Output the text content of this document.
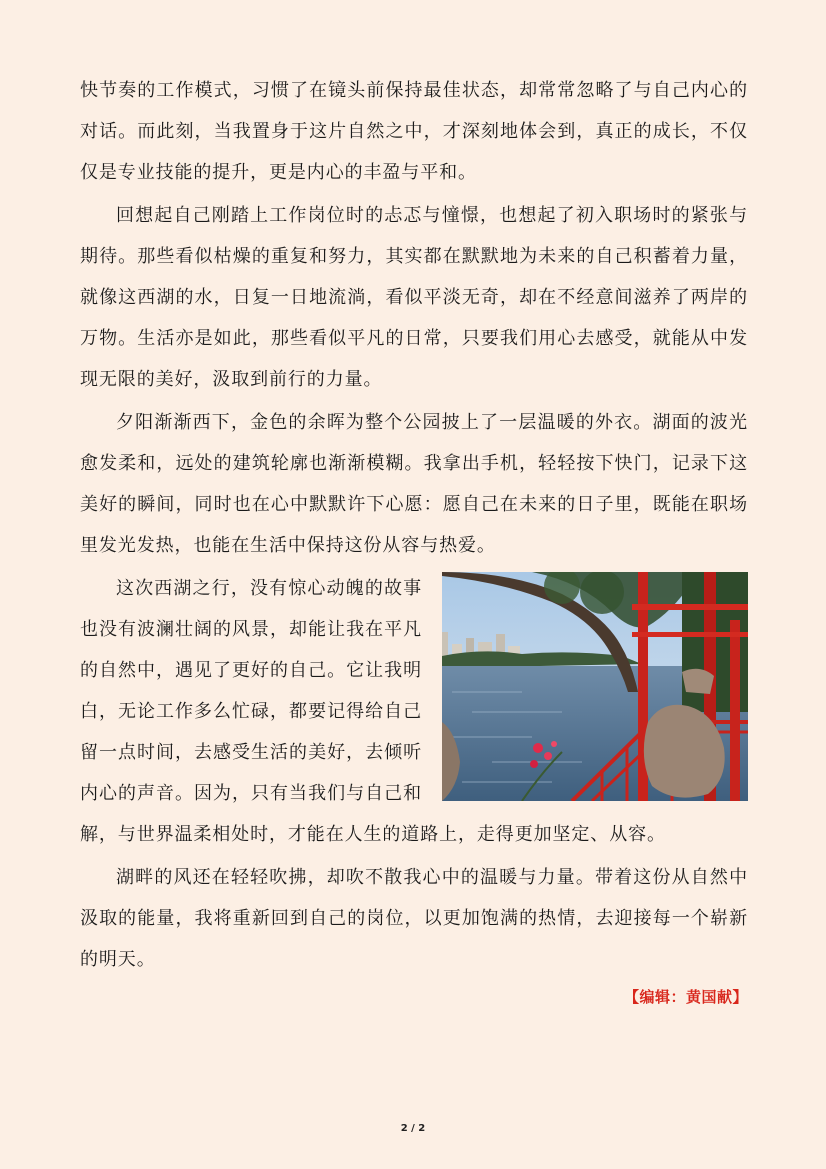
快节奏的工作模式，习惯了在镜头前保持最佳状态，却常常忽略了与自己内心的对话。而此刻，当我置身于这片自然之中，才深刻地体会到，真正的成长，不仅仅是专业技能的提升，更是内心的丰盈与平和。

回想起自己刚踏上工作岗位时的忐忑与憧憬，也想起了初入职场时的紧张与期待。那些看似枯燥的重复和努力，其实都在默默地为未来的自己积蓄着力量，就像这西湖的水，日复一日地流淌，看似平淡无奇，却在不经意间滋养了两岸的万物。生活亦是如此，那些看似平凡的日常，只要我们用心去感受，就能从中发现无限的美好，汲取到前行的力量。

夕阳渐渐西下，金色的余晖为整个公园披上了一层温暖的外衣。湖面的波光愈发柔和，远处的建筑轮廓也渐渐模糊。我拿出手机，轻轻按下快门，记录下这美好的瞬间，同时也在心中默默许下心愿：愿自己在未来的日子里，既能在职场里发光发热，也能在生活中保持这份从容与热爱。

这次西湖之行，没有惊心动魄的故事也没有波澜壮阔的风景，却能让我在平凡的自然中，遇见了更好的自己。它让我明白，无论工作多么忙碌，都要记得给自己留一点时间，去感受生活的美好，去倾听内心的声音。因为，只有当我们与自己和解，与世界温柔相处时，才能在人生的道路上，走得更加坚定、从容。

湖畔的风还在轻轻吹拂，却吹不散我心中的温暖与力量。带着这份从自然中汲取的能量，我将重新回到自己的岗位，以更加饱满的热情，去迎接每一个崭新的明天。

【编辑：黄国献】
2 / 2
